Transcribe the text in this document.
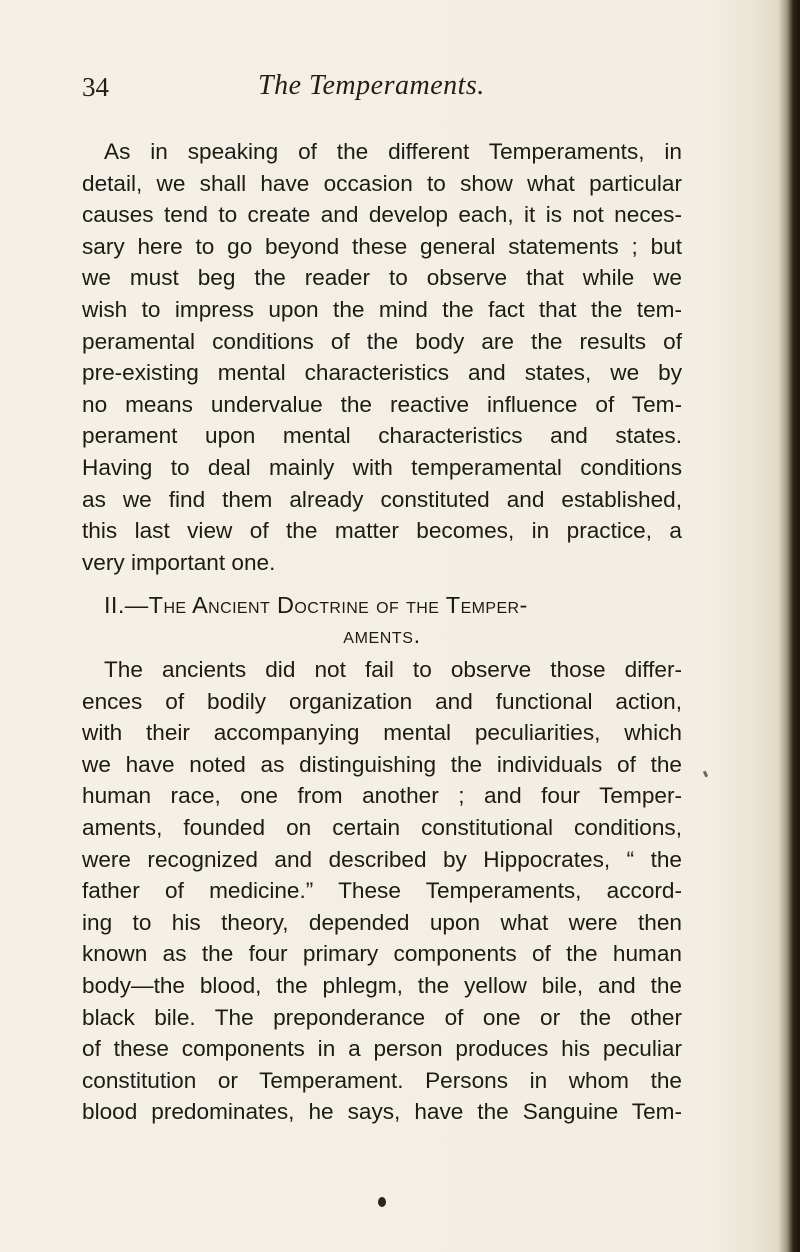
34	The Temperaments.
As in speaking of the different Temperaments, in
detail, we shall have occasion to show what particular
causes tend to create and develop each, it is not neces-
sary here to go beyond these general statements ; but
we must beg the reader to observe that while we
wish to impress upon the mind the fact that the tem-
peramental conditions of the body are the results of
pre-existing mental characteristics and states, we by
no means undervalue the reactive influence of Tem-
perament upon mental characteristics and states.
Having to deal mainly with temperamental conditions
as we find them already constituted and established,
this last view of the matter becomes, in practice, a
very important one.
II.—The Ancient Doctrine of the Temper-
aments.
The ancients did not fail to observe those differ-
ences of bodily organization and functional action,
with their accompanying mental peculiarities, which
we have noted as distinguishing the individuals of the
human race, one from another ; and four Temper-
aments, founded on certain constitutional conditions,
were recognized and described by Hippocrates, “ the
father of medicine.” These Temperaments, accord-
ing to his theory, depended upon what were then
known as the four primary components of the human
body—the blood, the phlegm, the yellow bile, and the
black bile. The preponderance of one or the other
of these components in a person produces his peculiar
constitution or Temperament. Persons in whom the
blood predominates, he says, have the Sanguine Tem-
